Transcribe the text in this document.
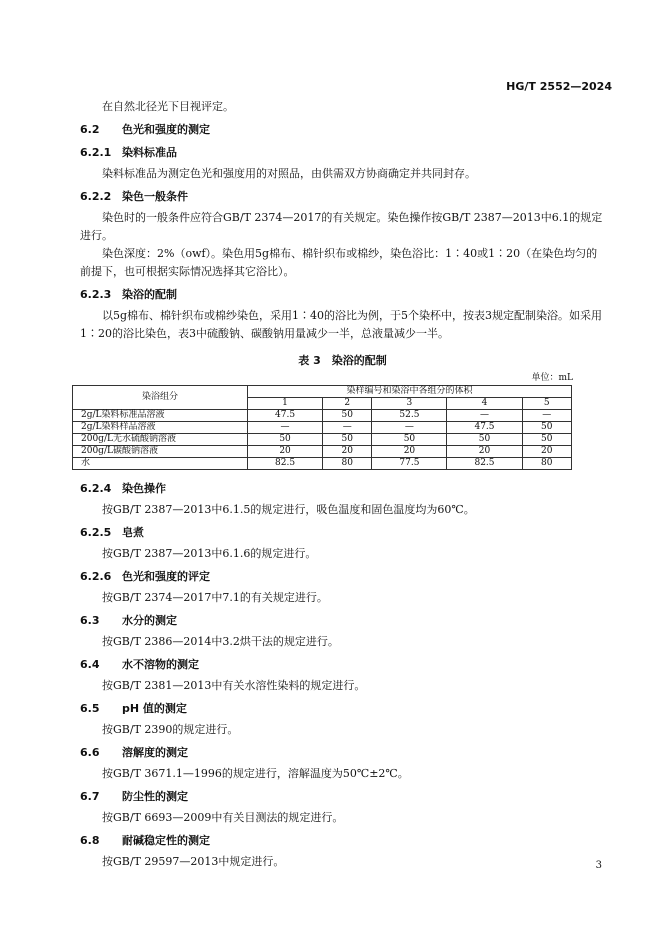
HG/T 2552—2024

在自然北径光下目视评定。

6.2 色光和强度的测定
6.2.1 染料标准品

染料标准品为测定色光和强度用的对照品，由供需双方协商确定并共同封存。

6.2.2 染色一般条件

染色时的一般条件应符合GB/T 2374—2017的有关规定。染色操作按GB/T 2387—2013中6.1的规定进行。

染色深度：2%（owf）。染色用5g棉布、棉针织布或棉纱，染色浴比：1∶40或1∶20（在染色均匀的前提下，也可根据实际情况选择其它浴比）。

6.2.3 染浴的配制

以5g棉布、棉针织布或棉纱染色，采用1∶40的浴比为例，于5个染杯中，按表3规定配制染浴。如采用1∶20的浴比染色，表3中硫酸钠、碳酸钠用量减少一半，总液量减少一半。

表 3　染浴的配制
单位：mL
染浴组分	染样编号和染浴中各组分的体积				
	1	2	3	4	5
2g/L染料标准品溶液	47.5	50	52.5	—	—
2g/L染料样品溶液	—	—	—	47.5	50
200g/L无水硫酸钠溶液	50	50	50	50	50
200g/L碳酸钠溶液	20	20	20	20	20
水	82.5	80	77.5	82.5	80
6.2.4 染色操作

按GB/T 2387—2013中6.1.5的规定进行，吸色温度和固色温度均为60℃。

6.2.5 皂煮

按GB/T 2387—2013中6.1.6的规定进行。

6.2.6 色光和强度的评定

按GB/T 2374—2017中7.1的有关规定进行。

6.3 水分的测定

按GB/T 2386—2014中3.2烘干法的规定进行。

6.4 水不溶物的测定

按GB/T 2381—2013中有关水溶性染料的规定进行。

6.5 pH 值的测定

按GB/T 2390的规定进行。

6.6 溶解度的测定

按GB/T 3671.1—1996的规定进行，溶解温度为50℃±2℃。

6.7 防尘性的测定

按GB/T 6693—2009中有关目测法的规定进行。

6.8 耐碱稳定性的测定

按GB/T 29597—2013中规定进行。	3
